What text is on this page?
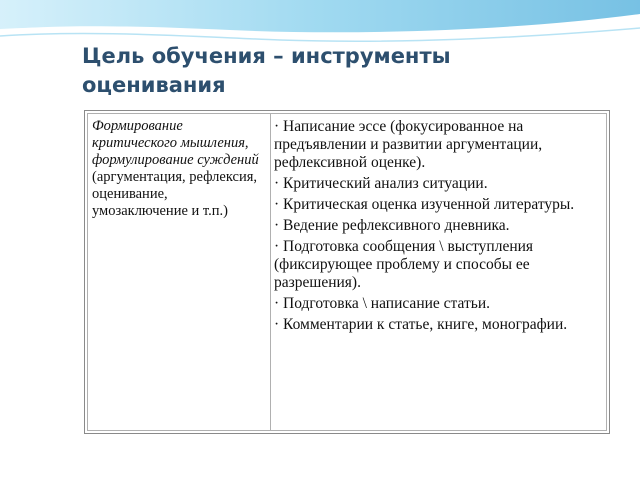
Цель обучения – инструменты
оценивания
Формирование критического мышления, формулирование суждений
(аргументация, рефлексия, оценивание, умозаключение и т.п.)
· Написание эссе (фокусированное на предъявлении и развитии аргументации, рефлексивной оценке).
· Критический анализ ситуации.
· Критическая оценка изученной литературы.
· Ведение рефлексивного дневника.
· Подготовка сообщения \ выступления (фиксирующее проблему и способы ее разрешения).
· Подготовка \ написание статьи.
· Комментарии к статье, книге, монографии.
